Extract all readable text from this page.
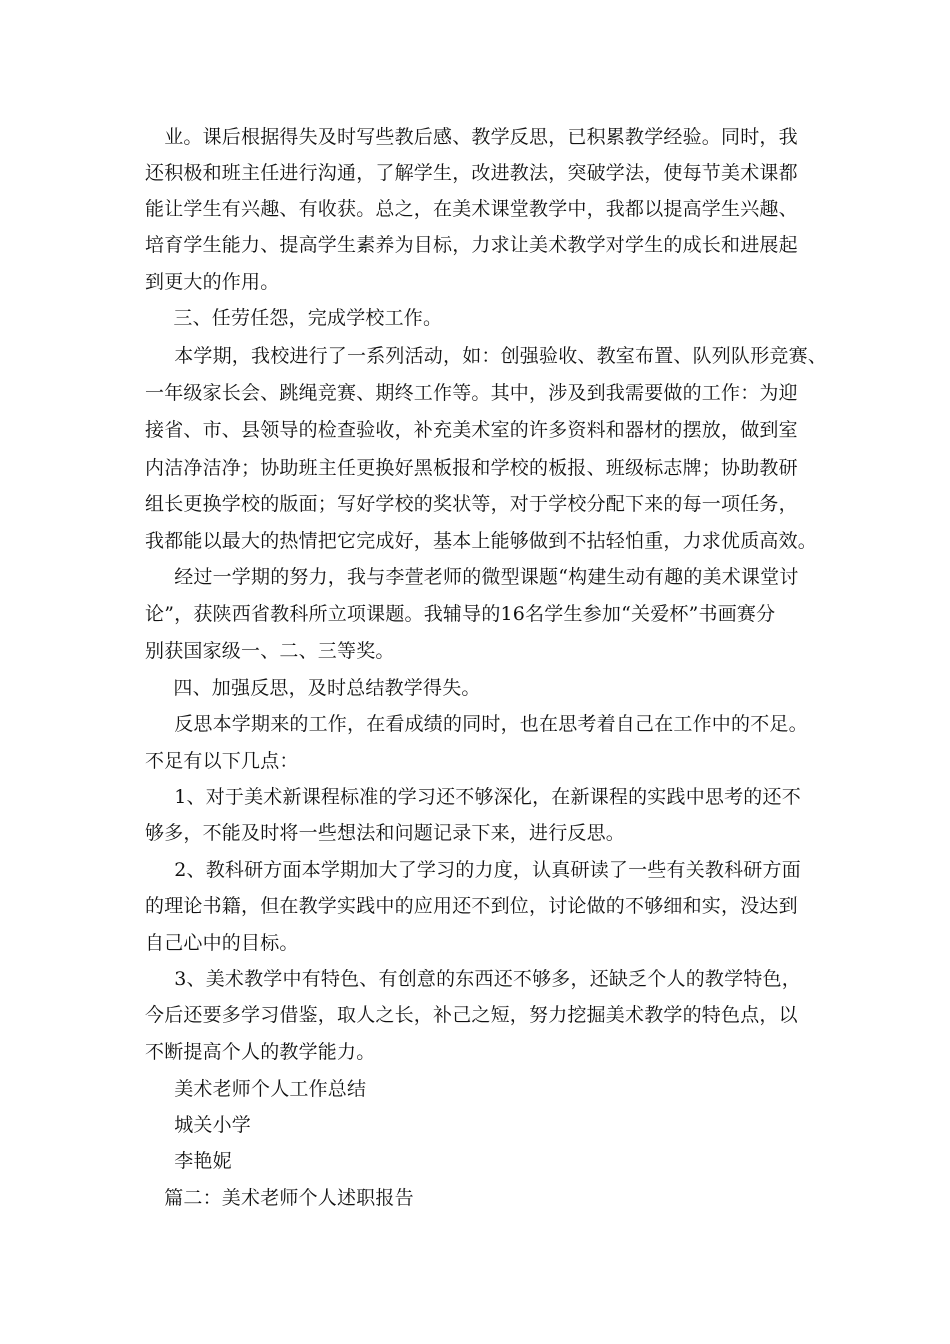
　业。课后根据得失及时写些教后感、教学反思，已积累教学经验。同时，我
还积极和班主任进行沟通，了解学生，改进教法，突破学法，使每节美术课都
能让学生有兴趣、有收获。总之，在美术课堂教学中，我都以提高学生兴趣、
培育学生能力、提高学生素养为目标，力求让美术教学对学生的成长和进展起
到更大的作用。
　　三、任劳任怨，完成学校工作。
　本学期，我校进行了一系列活动，如：创强验收、教室布置、队列队形竞赛、
一年级家长会、跳绳竞赛、期终工作等。其中，涉及到我需要做的工作：为迎
接省、市、县领导的检查验收，补充美术室的许多资料和器材的摆放，做到室
内洁净洁净；协助班主任更换好黑板报和学校的板报、班级标志牌；协助教研
组长更换学校的版面；写好学校的奖状等，对于学校分配下来的每一项任务，
我都能以最大的热情把它完成好，基本上能够做到不拈轻怕重，力求优质高效。
　经过一学期的努力，我与李萱老师的微型课题“构建生动有趣的美术课堂讨
论”，获陕西省教科所立项课题。我辅导的16名学生参加“关爱杯”书画赛分
别获国家级一、二、三等奖。
　　四、加强反思，及时总结教学得失。
　反思本学期来的工作，在看成绩的同时，也在思考着自己在工作中的不足。
不足有以下几点：
　1、对于美术新课程标准的学习还不够深化，在新课程的实践中思考的还不
够多，不能及时将一些想法和问题记录下来，进行反思。
　2、教科研方面本学期加大了学习的力度，认真研读了一些有关教科研方面
的理论书籍，但在教学实践中的应用还不到位，讨论做的不够细和实，没达到
自己心中的目标。
　3、美术教学中有特色、有创意的东西还不够多，还缺乏个人的教学特色，
今后还要多学习借鉴，取人之长，补己之短，努力挖掘美术教学的特色点，以
不断提高个人的教学能力。
　美术老师个人工作总结
　城关小学
　李艳妮
　篇二：美术老师个人述职报告
